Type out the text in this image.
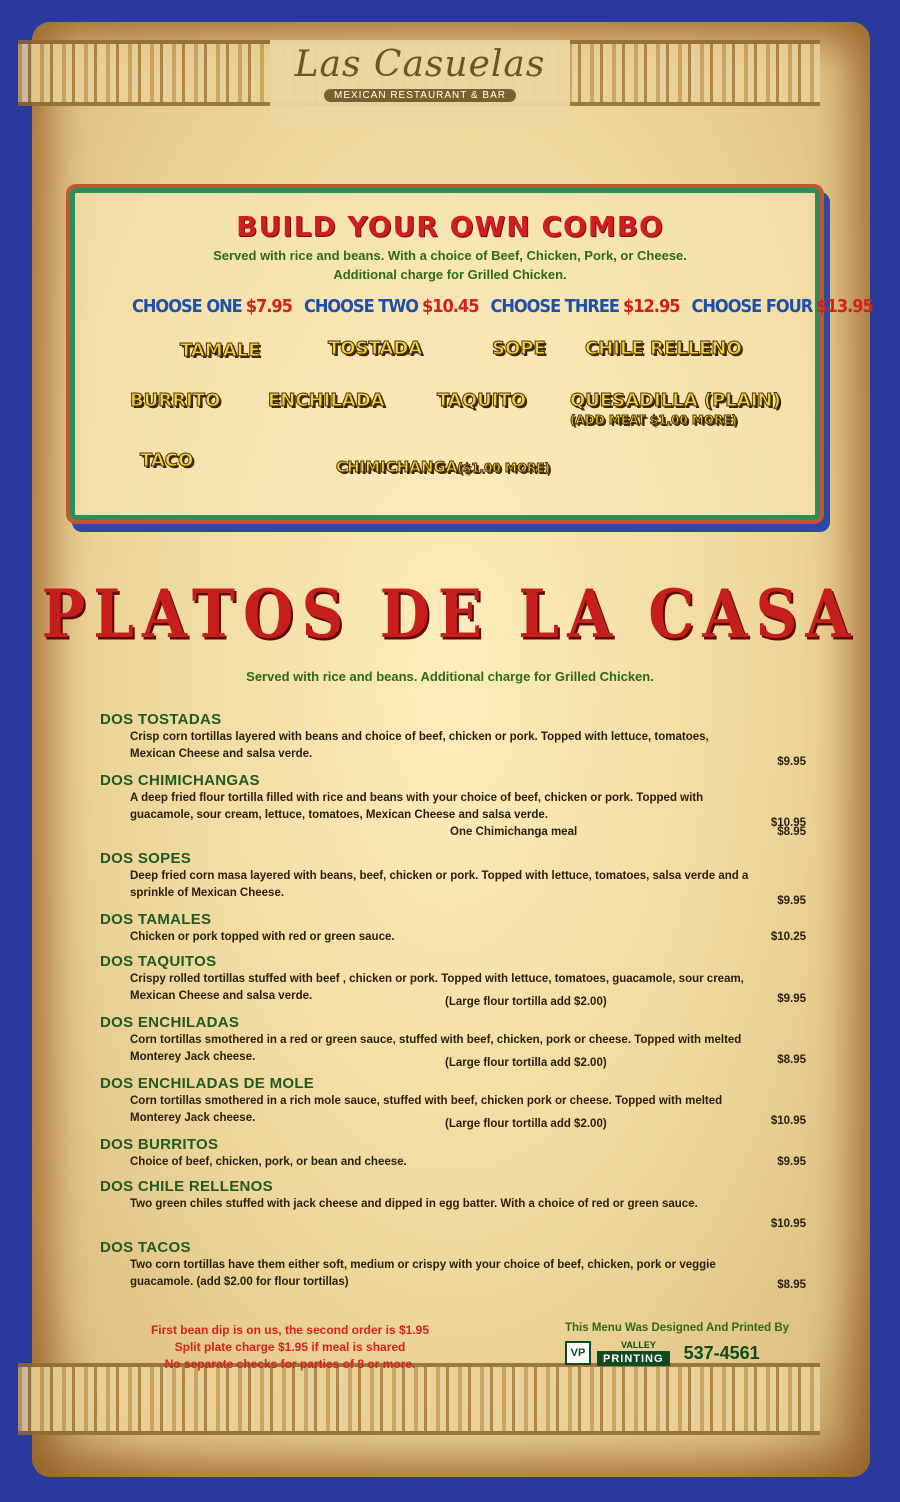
Las Casuelas
MEXICAN RESTAURANT & BAR
BUILD YOUR OWN COMBO
Served with rice and beans. With a choice of Beef, Chicken, Pork, or Cheese.
Additional charge for Grilled Chicken.
CHOOSE ONE $7.95 CHOOSE TWO $10.45 CHOOSE THREE $12.95 CHOOSE FOUR $13.95
TAMALE	TOSTADA	SOPE CHILE RELLENO
BURRITO	ENCHILADA	TAQUITO QUESADILLA (PLAIN)
(ADD MEAT $1.00 MORE)
TACO	CHIMICHANGA($1.00 MORE)
PLATOS DE LA CASA
Served with rice and beans. Additional charge for Grilled Chicken.
DOS TOSTADAS
Crisp corn tortillas layered with beans and choice of beef, chicken or pork. Topped with lettuce, tomatoes, Mexican Cheese and salsa verde.
$9.95
DOS CHIMICHANGAS
A deep fried flour tortilla filled with rice and beans with your choice of beef, chicken or pork. Topped with guacamole, sour cream, lettuce, tomatoes, Mexican Cheese and salsa verde.
$10.95
One Chimichanga meal	$8.95
DOS SOPES
Deep fried corn masa layered with beans, beef, chicken or pork. Topped with lettuce, tomatoes, salsa verde and a sprinkle of Mexican Cheese.
$9.95
DOS TAMALES
Chicken or pork topped with red or green sauce.	$10.25
DOS TAQUITOS
Crispy rolled tortillas stuffed with beef , chicken or pork. Topped with lettuce, tomatoes, guacamole, sour cream, Mexican Cheese and salsa verde.	(Large flour tortilla add $2.00)	$9.95
DOS ENCHILADAS
Corn tortillas smothered in a red or green sauce, stuffed with beef, chicken, pork or cheese. Topped with melted Monterey Jack cheese.	(Large flour tortilla add $2.00)	$8.95
DOS ENCHILADAS DE MOLE
Corn tortillas smothered in a rich mole sauce, stuffed with beef, chicken pork or cheese. Topped with melted Monterey Jack cheese.	(Large flour tortilla add $2.00)	$10.95
DOS BURRITOS
Choice of beef, chicken, pork, or bean and cheese.	$9.95
DOS CHILE RELLENOS
Two green chiles stuffed with jack cheese and dipped in egg batter. With a choice of red or green sauce.
$10.95
DOS TACOS
Two corn tortillas have them either soft, medium or crispy with your choice of beef, chicken, pork or veggie guacamole. (add $2.00 for flour tortillas)	$8.95
First bean dip is on us, the second order is $1.95
Split plate charge $1.95 if meal is shared
No separate checks for parties of 8 or more.
This Menu Was Designed And Printed By
VP
VALLEY
PRINTING	537-4561
